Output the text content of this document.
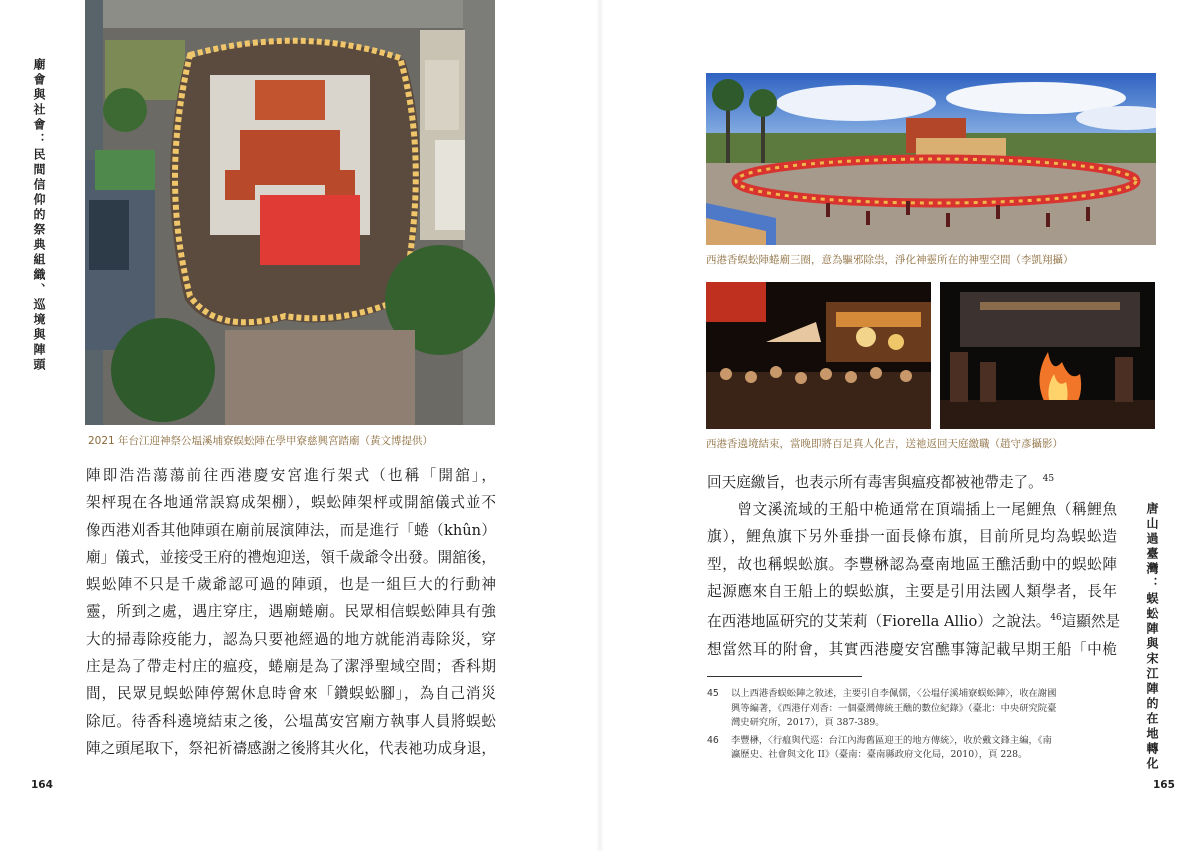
廟會與社會：民間信仰的祭典組織、巡境與陣頭
2021 年台江迎神祭公塭溪埔寮蜈蚣陣在學甲寮慈興宮踏廟（黃文博提供）

陣即浩浩蕩蕩前往西港慶安宮進行架式（也稱「開舘」，

架枰現在各地通常誤寫成架棚），蜈蚣陣架枰或開舘儀式並不

像西港刈香其他陣頭在廟前展演陣法，而是進行「蜷（khûn）

廟」儀式，並接受王府的禮炮迎送，領千歲爺令出發。開舘後，

蜈蚣陣不只是千歲爺認可過的陣頭，也是一組巨大的行動神

靈，所到之處，遇庄穿庄，遇廟蜷廟。民眾相信蜈蚣陣具有強

大的掃毒除疫能力，認為只要祂經過的地方就能消毒除災，穿

庄是為了帶走村庄的瘟疫，蜷廟是為了潔淨聖域空間；香科期

間，民眾見蜈蚣陣停駕休息時會來「鑽蜈蚣腳」，為自己消災

除厄。待香科遶境結束之後，公塭萬安宮廟方執事人員將蜈蚣

陣之頭尾取下，祭祀祈禱感謝之後將其火化，代表祂功成身退，

164
西港香蜈蚣陣蜷廟三圈，意為驅邪除祟，淨化神靈所在的神聖空間（李凱翔攝）
西港香遶境結束，當晚即將百足真人化吉，送祂返回天庭繳職（趙守彥攝影）
唐山過臺灣：蜈蚣陣與宋江陣的在地轉化

回天庭繳旨，也表示所有毒害與瘟疫都被祂帶走了。$^{45}$

　　曾文溪流域的王船中桅通常在頂端插上一尾鯉魚（稱鯉魚

旗），鯉魚旗下另外垂掛一面長條布旗，目前所見均為蜈蚣造

型，故也稱蜈蚣旗。李豐楙認為臺南地區王醮活動中的蜈蚣陣

起源應來自王船上的蜈蚣旗，主要是引用法國人類學者，長年

在西港地區研究的艾茉莉（Fiorella Allio）之說法。$^{46}$這顯然是

想當然耳的附會，其實西港慶安宮醮事簿記載早期王船「中桅

45	以上西港香蜈蚣陣之敘述，主要引自李佩儒，〈公塭仔溪埔寮蜈蚣陣〉，收在謝國

興等編著，《西港仔刈香：一個臺灣傳統王醮的數位紀錄》（臺北：中央研究院臺

灣史研究所，2017），頁 387-389。

46	李豐楙，〈行瘟與代巡：台江內海舊區迎王的地方傳統〉，收於戴文鋒主編，《南

瀛歷史、社會與文化 II》（臺南：臺南縣政府文化局，2010），頁 228。

165
